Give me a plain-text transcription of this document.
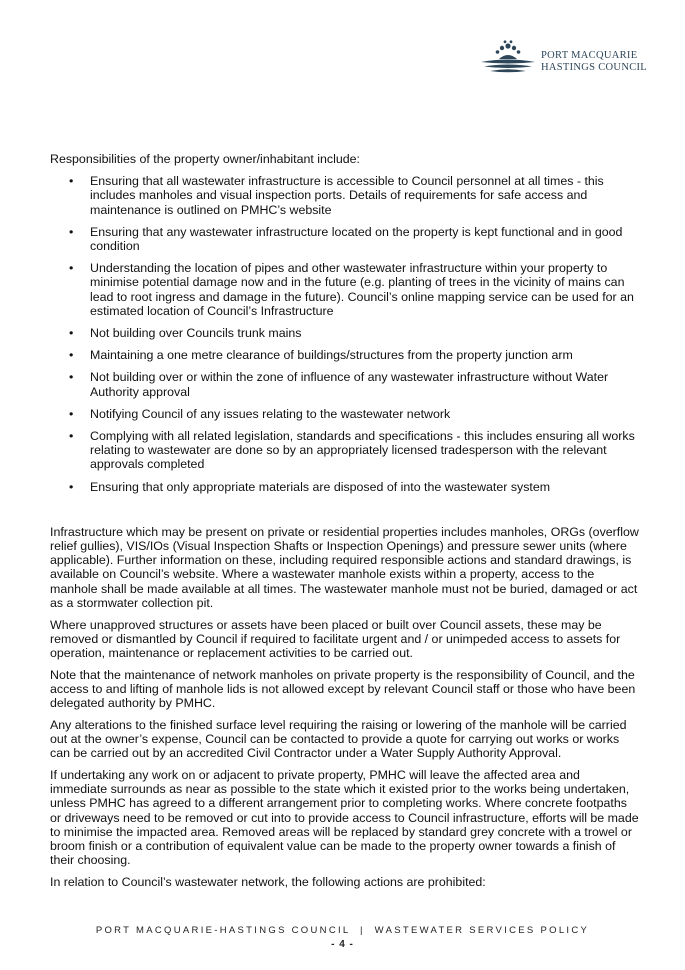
PORT MACQUARIE
HASTINGS COUNCIL

Responsibilities of the property owner/inhabitant include:

• Ensuring that all wastewater infrastructure is accessible to Council personnel at all times - this includes manholes and visual inspection ports. Details of requirements for safe access and maintenance is outlined on PMHC’s website
• Ensuring that any wastewater infrastructure located on the property is kept functional and in good condition
• Understanding the location of pipes and other wastewater infrastructure within your property to minimise potential damage now and in the future (e.g. planting of trees in the vicinity of mains can lead to root ingress and damage in the future). Council’s online mapping service can be used for an estimated location of Council’s Infrastructure
• Not building over Councils trunk mains
• Maintaining a one metre clearance of buildings/structures from the property junction arm
• Not building over or within the zone of influence of any wastewater infrastructure without Water Authority approval
• Notifying Council of any issues relating to the wastewater network
• Complying with all related legislation, standards and specifications - this includes ensuring all works relating to wastewater are done so by an appropriately licensed tradesperson with the relevant approvals completed
• Ensuring that only appropriate materials are disposed of into the wastewater system

Infrastructure which may be present on private or residential properties includes manholes, ORGs (overflow relief gullies), VIS/IOs (Visual Inspection Shafts or Inspection Openings) and pressure sewer units (where applicable). Further information on these, including required responsible actions and standard drawings, is available on Council’s website. Where a wastewater manhole exists within a property, access to the manhole shall be made available at all times. The wastewater manhole must not be buried, damaged or act as a stormwater collection pit.

Where unapproved structures or assets have been placed or built over Council assets, these may be removed or dismantled by Council if required to facilitate urgent and / or unimpeded access to assets for operation, maintenance or replacement activities to be carried out.

Note that the maintenance of network manholes on private property is the responsibility of Council, and the access to and lifting of manhole lids is not allowed except by relevant Council staff or those who have been delegated authority by PMHC.

Any alterations to the finished surface level requiring the raising or lowering of the manhole will be carried out at the owner’s expense, Council can be contacted to provide a quote for carrying out works or works can be carried out by an accredited Civil Contractor under a Water Supply Authority Approval.

If undertaking any work on or adjacent to private property, PMHC will leave the affected area and immediate surrounds as near as possible to the state which it existed prior to the works being undertaken, unless PMHC has agreed to a different arrangement prior to completing works. Where concrete footpaths or driveways need to be removed or cut into to provide access to Council infrastructure, efforts will be made to minimise the impacted area. Removed areas will be replaced by standard grey concrete with a trowel or broom finish or a contribution of equivalent value can be made to the property owner towards a finish of their choosing.

In relation to Council’s wastewater network, the following actions are prohibited:

PORT MACQUARIE-HASTINGS COUNCIL  |  WASTEWATER SERVICES POLICY
- 4 -
